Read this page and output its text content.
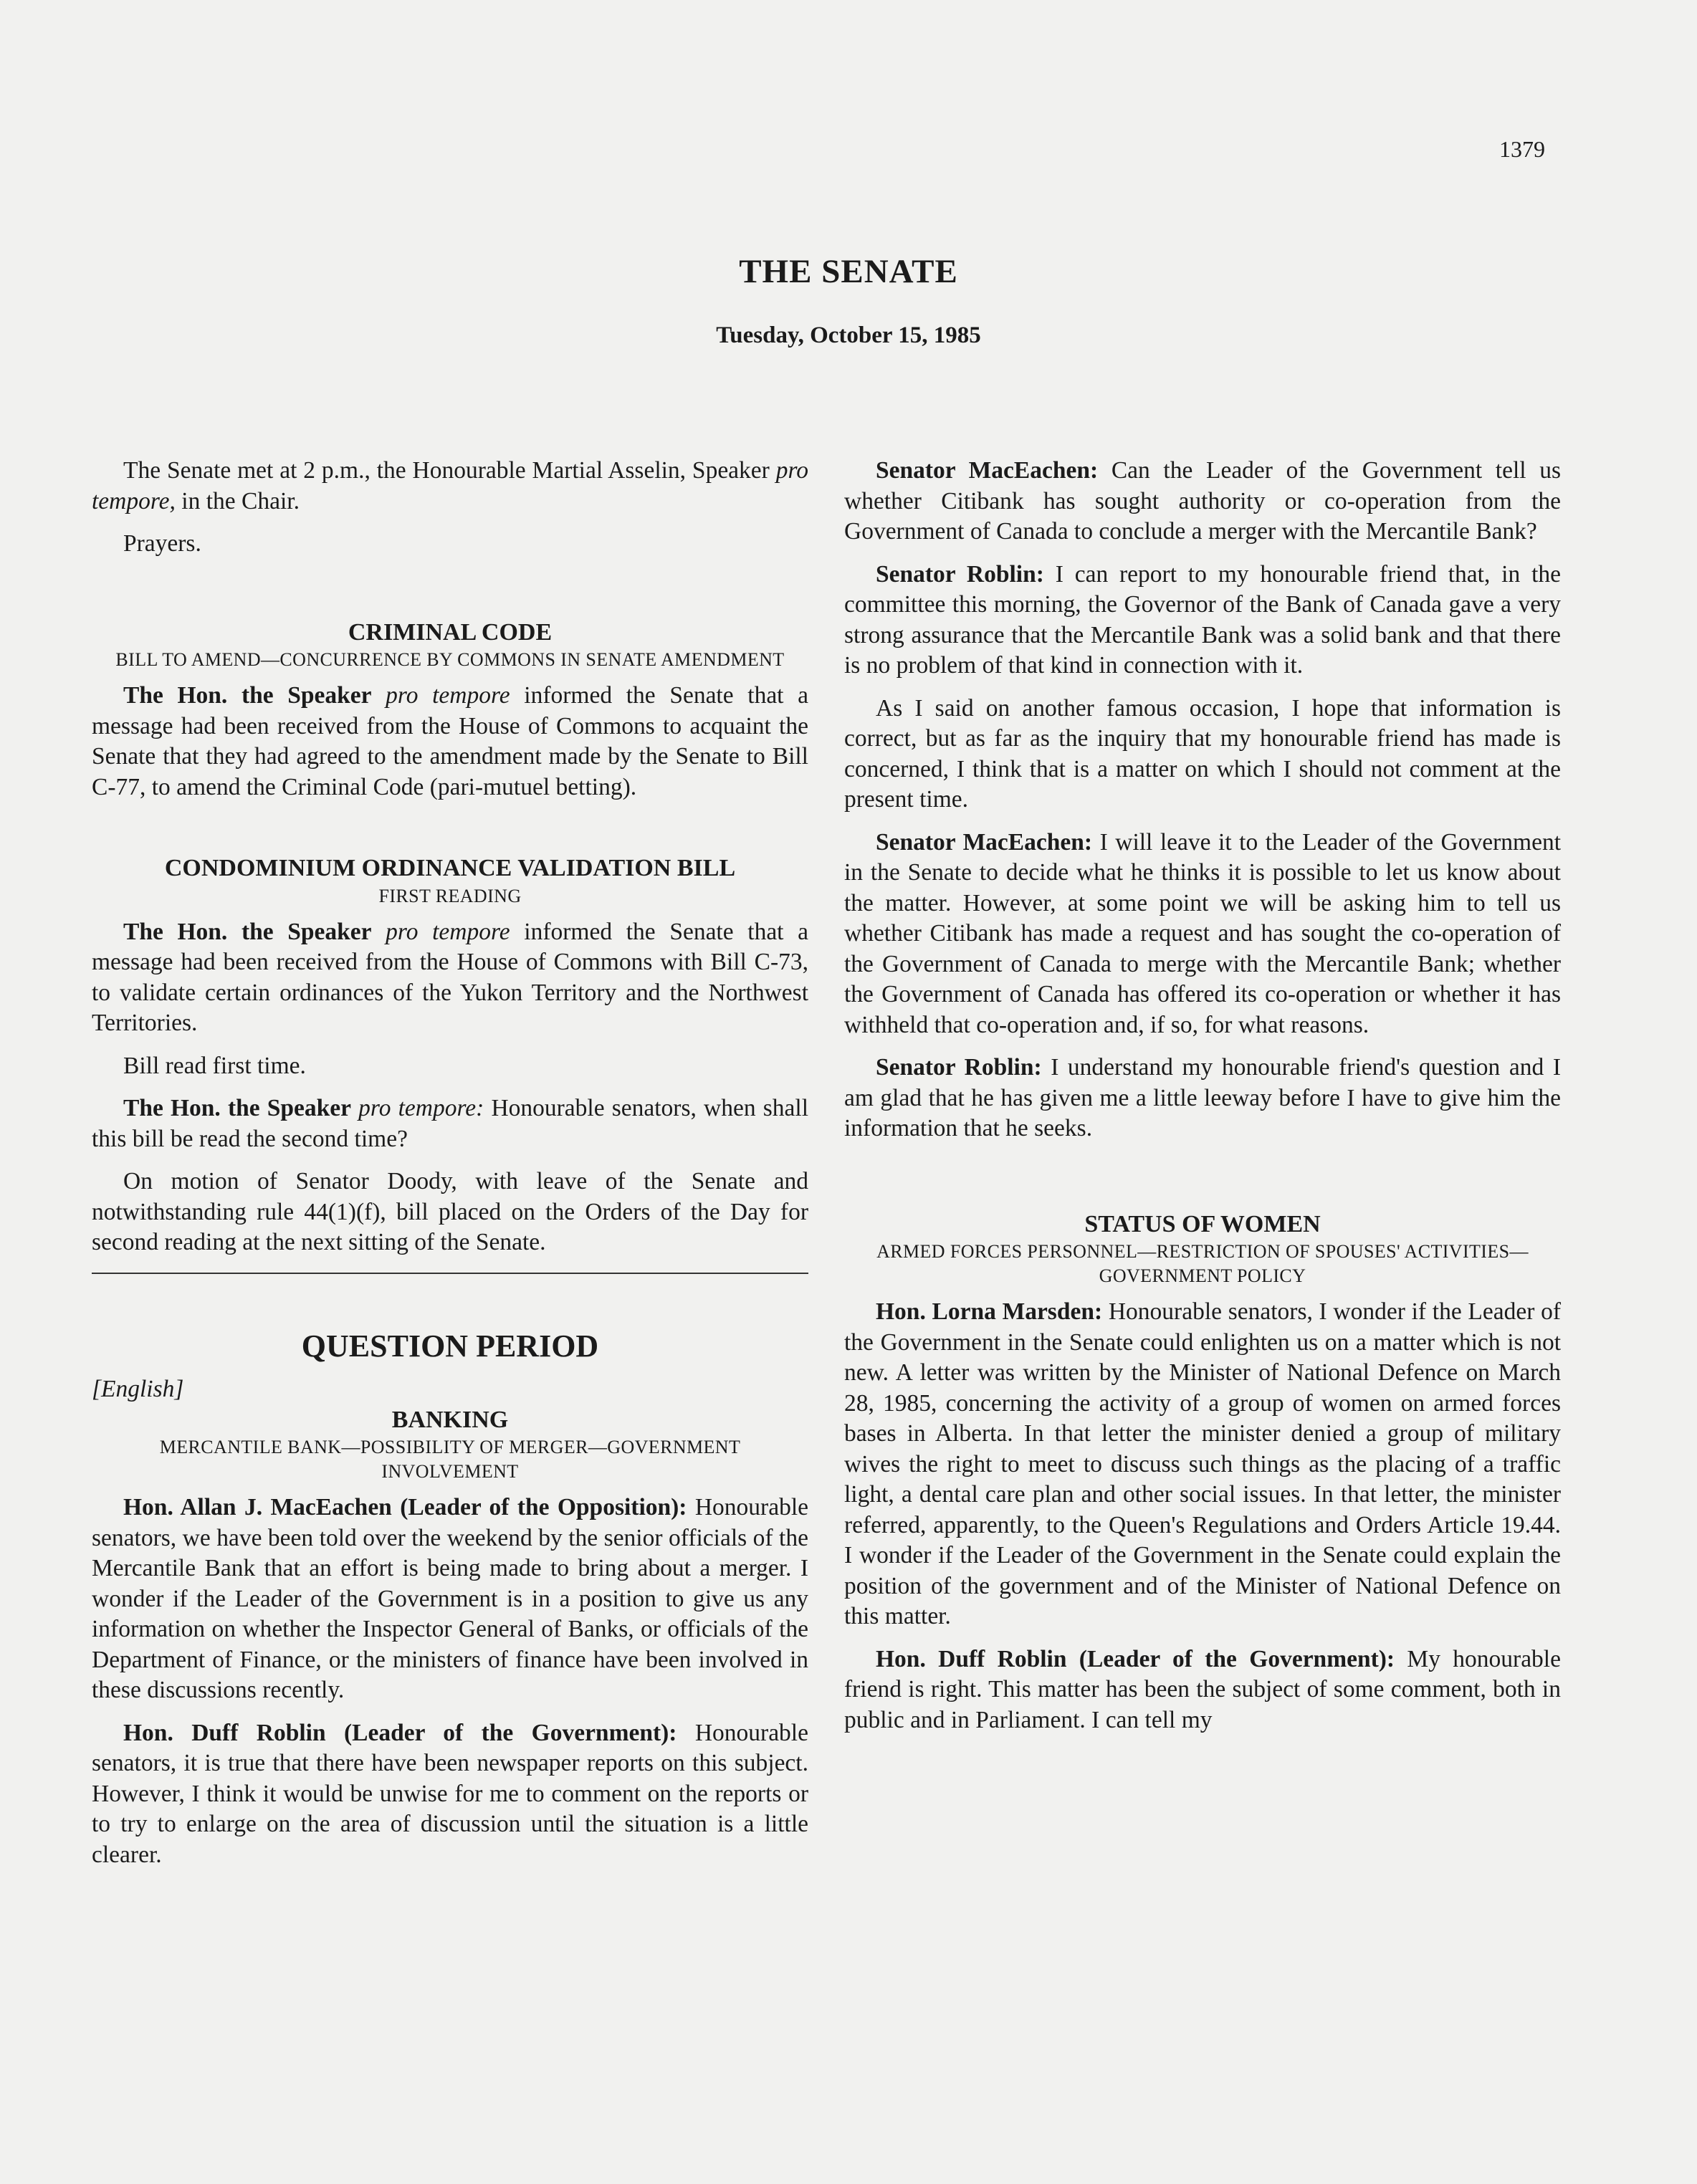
1379
THE SENATE
Tuesday, October 15, 1985

The Senate met at 2 p.m., the Honourable Martial Asselin, Speaker pro tempore, in the Chair.

Prayers.

CRIMINAL CODE
BILL TO AMEND—CONCURRENCE BY COMMONS IN SENATE AMENDMENT

The Hon. the Speaker pro tempore informed the Senate that a message had been received from the House of Commons to acquaint the Senate that they had agreed to the amendment made by the Senate to Bill C-77, to amend the Criminal Code (pari-mutuel betting).

CONDOMINIUM ORDINANCE VALIDATION BILL
FIRST READING

The Hon. the Speaker pro tempore informed the Senate that a message had been received from the House of Commons with Bill C-73, to validate certain ordinances of the Yukon Territory and the Northwest Territories.

Bill read first time.

The Hon. the Speaker pro tempore: Honourable senators, when shall this bill be read the second time?

On motion of Senator Doody, with leave of the Senate and notwithstanding rule 44(1)(f), bill placed on the Orders of the Day for second reading at the next sitting of the Senate.

QUESTION PERIOD

[English]

BANKING
MERCANTILE BANK—POSSIBILITY OF MERGER—GOVERNMENT INVOLVEMENT

Hon. Allan J. MacEachen (Leader of the Opposition): Honourable senators, we have been told over the weekend by the senior officials of the Mercantile Bank that an effort is being made to bring about a merger. I wonder if the Leader of the Government is in a position to give us any information on whether the Inspector General of Banks, or officials of the Department of Finance, or the ministers of finance have been involved in these discussions recently.

Hon. Duff Roblin (Leader of the Government): Honourable senators, it is true that there have been newspaper reports on this subject. However, I think it would be unwise for me to comment on the reports or to try to enlarge on the area of discussion until the situation is a little clearer.

Senator MacEachen: Can the Leader of the Government tell us whether Citibank has sought authority or co-operation from the Government of Canada to conclude a merger with the Mercantile Bank?

Senator Roblin: I can report to my honourable friend that, in the committee this morning, the Governor of the Bank of Canada gave a very strong assurance that the Mercantile Bank was a solid bank and that there is no problem of that kind in connection with it.

As I said on another famous occasion, I hope that information is correct, but as far as the inquiry that my honourable friend has made is concerned, I think that is a matter on which I should not comment at the present time.

Senator MacEachen: I will leave it to the Leader of the Government in the Senate to decide what he thinks it is possible to let us know about the matter. However, at some point we will be asking him to tell us whether Citibank has made a request and has sought the co-operation of the Government of Canada to merge with the Mercantile Bank; whether the Government of Canada has offered its co-operation or whether it has withheld that co-operation and, if so, for what reasons.

Senator Roblin: I understand my honourable friend's question and I am glad that he has given me a little leeway before I have to give him the information that he seeks.

STATUS OF WOMEN
ARMED FORCES PERSONNEL—RESTRICTION OF SPOUSES' ACTIVITIES—GOVERNMENT POLICY

Hon. Lorna Marsden: Honourable senators, I wonder if the Leader of the Government in the Senate could enlighten us on a matter which is not new. A letter was written by the Minister of National Defence on March 28, 1985, concerning the activity of a group of women on armed forces bases in Alberta. In that letter the minister denied a group of military wives the right to meet to discuss such things as the placing of a traffic light, a dental care plan and other social issues. In that letter, the minister referred, apparently, to the Queen's Regulations and Orders Article 19.44. I wonder if the Leader of the Government in the Senate could explain the position of the government and of the Minister of National Defence on this matter.

Hon. Duff Roblin (Leader of the Government): My honourable friend is right. This matter has been the subject of some comment, both in public and in Parliament. I can tell my
